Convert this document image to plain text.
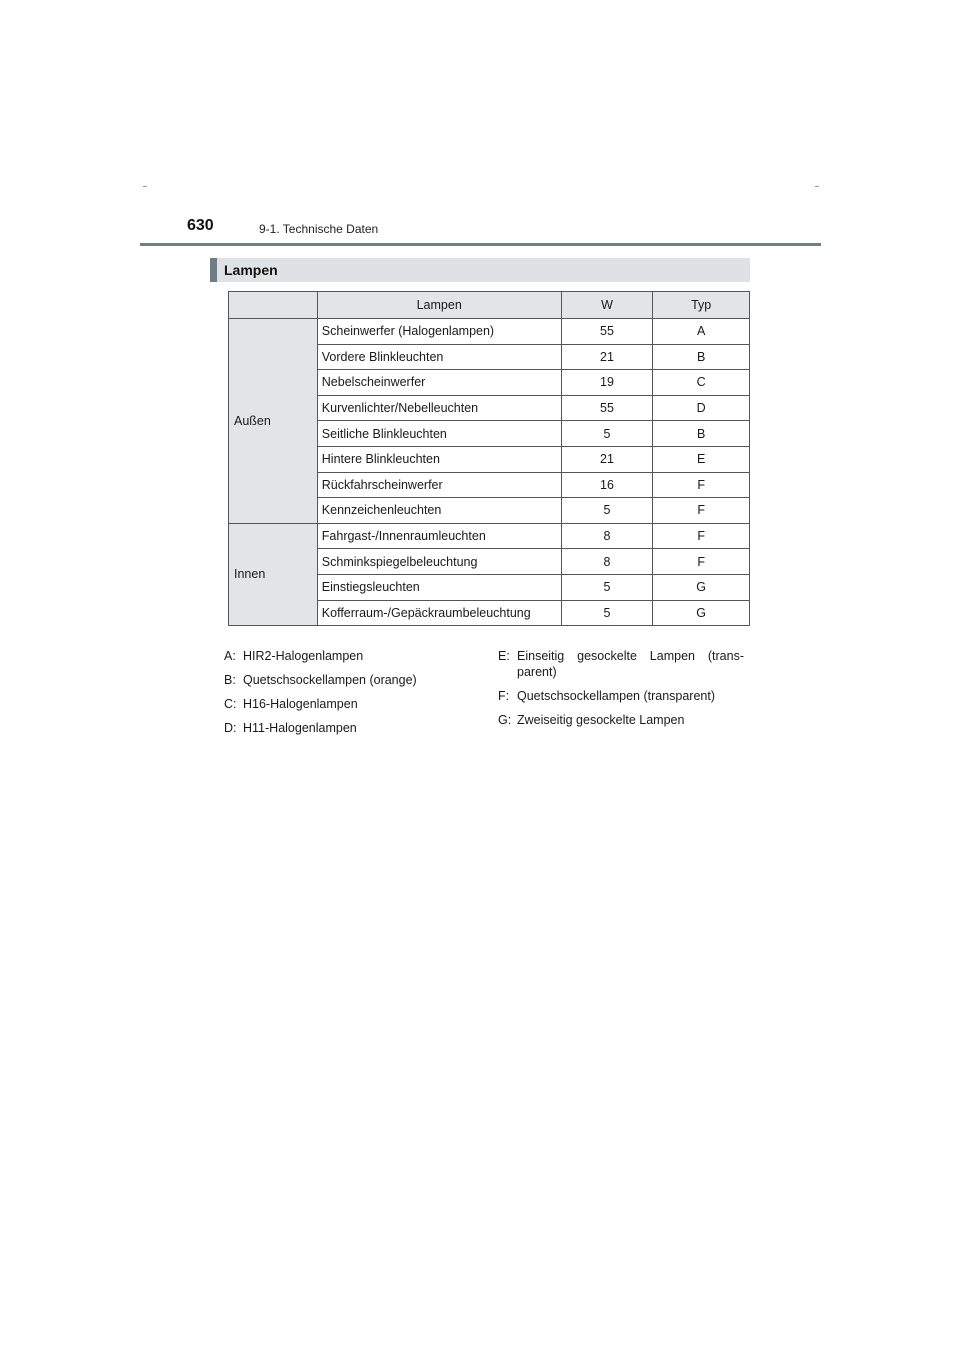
630	9-1. Technische Daten
Lampen
	Lampen	W	Typ
Außen	Scheinwerfer (Halogenlampen)	55	A
	Vordere Blinkleuchten	21	B
	Nebelscheinwerfer	19	C
	Kurvenlichter/Nebelleuchten	55	D
	Seitliche Blinkleuchten	5	B
	Hintere Blinkleuchten	21	E
	Rückfahrscheinwerfer	16	F
	Kennzeichenleuchten	5	F
Innen	Fahrgast-/Innenraumleuchten	8	F
	Schminkspiegelbeleuchtung	8	F
	Einstiegsleuchten	5	G
	Kofferraum-/Gepäckraumbeleuchtung	5	G
A: HIR2-Halogenlampen
B: Quetschsockellampen (orange)
C: H16-Halogenlampen
D: H11-Halogenlampen
E: Einseitig gesockelte Lampen (trans-parent)
F: Quetschsockellampen (transparent)
G: Zweiseitig gesockelte Lampen
